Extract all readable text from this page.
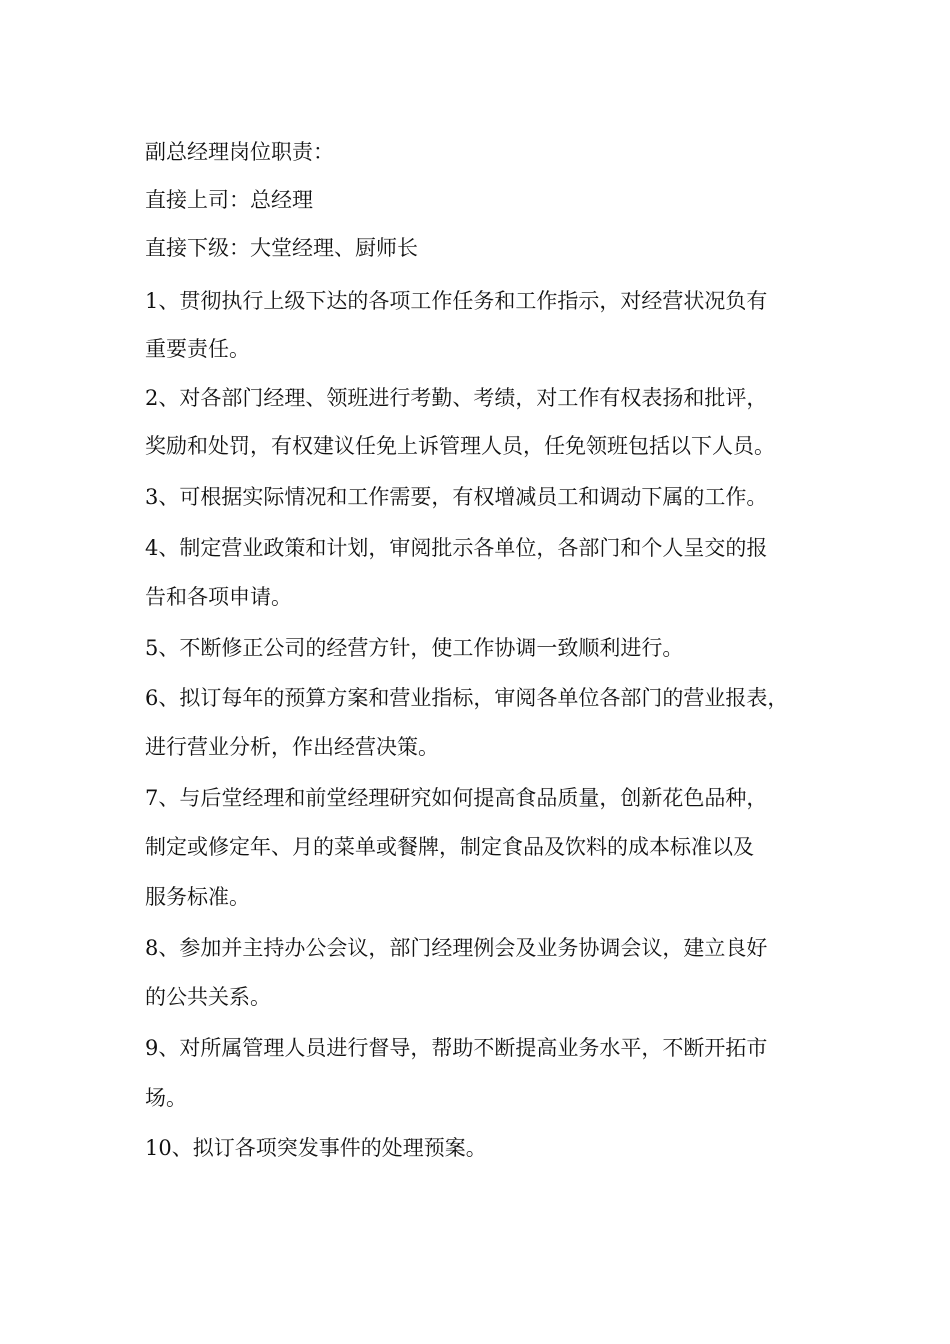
副总经理岗位职责：
直接上司：总经理
直接下级：大堂经理、厨师长
1、贯彻执行上级下达的各项工作任务和工作指示，对经营状况负有
重要责任。
2、对各部门经理、领班进行考勤、考绩，对工作有权表扬和批评，
奖励和处罚，有权建议任免上诉管理人员，任免领班包括以下人员。
3、可根据实际情况和工作需要，有权增减员工和调动下属的工作。
4、制定营业政策和计划，审阅批示各单位，各部门和个人呈交的报
告和各项申请。
5、不断修正公司的经营方针，使工作协调一致顺利进行。
6、拟订每年的预算方案和营业指标，审阅各单位各部门的营业报表，
进行营业分析，作出经营决策。
7、与后堂经理和前堂经理研究如何提高食品质量，创新花色品种，
制定或修定年、月的菜单或餐牌，制定食品及饮料的成本标准以及
服务标准。
8、参加并主持办公会议，部门经理例会及业务协调会议，建立良好
的公共关系。
9、对所属管理人员进行督导，帮助不断提高业务水平，不断开拓市
场。
10、拟订各项突发事件的处理预案。
